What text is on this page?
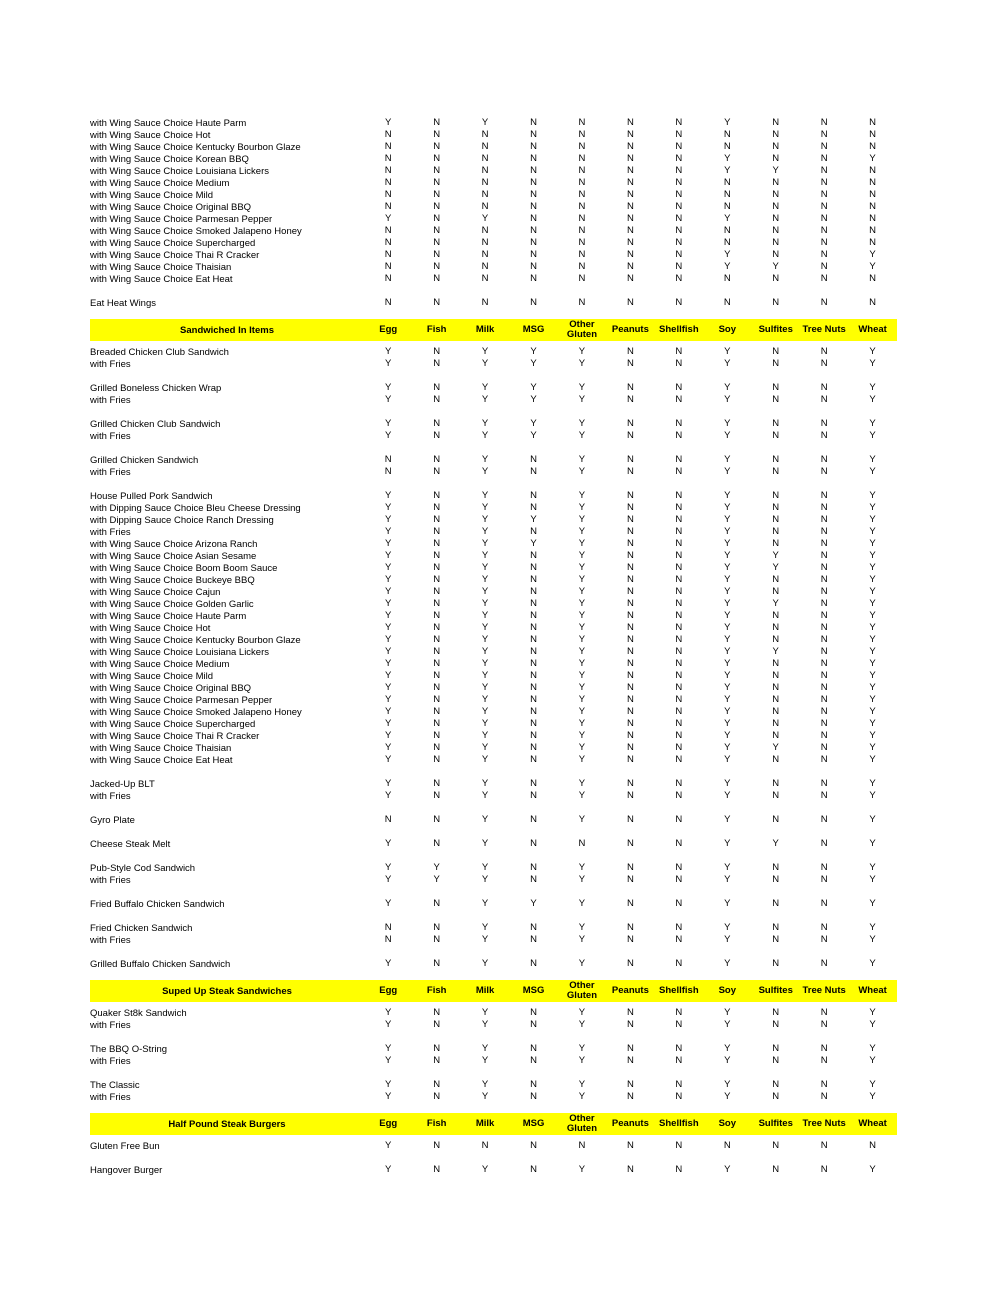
with Wing Sauce Choice Haute Parm	Y	N	Y	N	N	N	N	Y	N	N	N
with Wing Sauce Choice Hot	N	N	N	N	N	N	N	N	N	N	N
with Wing Sauce Choice Kentucky Bourbon Glaze	N	N	N	N	N	N	N	N	N	N	N
with Wing Sauce Choice Korean BBQ	N	N	N	N	N	N	N	Y	N	N	Y
with Wing Sauce Choice Louisiana Lickers	N	N	N	N	N	N	N	Y	Y	N	N
with Wing Sauce Choice Medium	N	N	N	N	N	N	N	N	N	N	N
with Wing Sauce Choice Mild	N	N	N	N	N	N	N	N	N	N	N
with Wing Sauce Choice Original BBQ	N	N	N	N	N	N	N	N	N	N	N
with Wing Sauce Choice Parmesan Pepper	Y	N	Y	N	N	N	N	Y	N	N	N
with Wing Sauce Choice Smoked Jalapeno Honey	N	N	N	N	N	N	N	N	N	N	N
with Wing Sauce Choice Supercharged	N	N	N	N	N	N	N	N	N	N	N
with Wing Sauce Choice Thai R Cracker	N	N	N	N	N	N	N	Y	N	N	Y
with Wing Sauce Choice Thaisian	N	N	N	N	N	N	N	Y	Y	N	Y
with Wing Sauce Choice Eat Heat	N	N	N	N	N	N	N	N	N	N	N
Eat Heat Wings	N	N	N	N	N	N	N	N	N	N	N
Sandwiched In Items	Egg	Fish	Milk	MSG	Other Gluten	Peanuts	Shellfish	Soy	Sulfites	Tree Nuts	Wheat
Breaded Chicken Club Sandwich	Y	N	Y	Y	Y	N	N	Y	N	N	Y
with Fries	Y	N	Y	Y	Y	N	N	Y	N	N	Y
Grilled Boneless Chicken Wrap	Y	N	Y	Y	Y	N	N	Y	N	N	Y
with Fries	Y	N	Y	Y	Y	N	N	Y	N	N	Y
Grilled Chicken Club Sandwich	Y	N	Y	Y	Y	N	N	Y	N	N	Y
with Fries	Y	N	Y	Y	Y	N	N	Y	N	N	Y
Grilled Chicken Sandwich	N	N	Y	N	Y	N	N	Y	N	N	Y
with Fries	N	N	Y	N	Y	N	N	Y	N	N	Y
House Pulled Pork Sandwich	Y	N	Y	N	Y	N	N	Y	N	N	Y
with Dipping Sauce Choice Bleu Cheese Dressing	Y	N	Y	N	Y	N	N	Y	N	N	Y
with Dipping Sauce Choice Ranch Dressing	Y	N	Y	Y	Y	N	N	Y	N	N	Y
with Fries	Y	N	Y	N	Y	N	N	Y	N	N	Y
with Wing Sauce Choice Arizona Ranch	Y	N	Y	Y	Y	N	N	Y	N	N	Y
with Wing Sauce Choice Asian Sesame	Y	N	Y	N	Y	N	N	Y	Y	N	Y
with Wing Sauce Choice Boom Boom Sauce	Y	N	Y	N	Y	N	N	Y	Y	N	Y
with Wing Sauce Choice Buckeye BBQ	Y	N	Y	N	Y	N	N	Y	N	N	Y
with Wing Sauce Choice Cajun	Y	N	Y	N	Y	N	N	Y	N	N	Y
with Wing Sauce Choice Golden Garlic	Y	N	Y	N	Y	N	N	Y	Y	N	Y
with Wing Sauce Choice Haute Parm	Y	N	Y	N	Y	N	N	Y	N	N	Y
with Wing Sauce Choice Hot	Y	N	Y	N	Y	N	N	Y	N	N	Y
with Wing Sauce Choice Kentucky Bourbon Glaze	Y	N	Y	N	Y	N	N	Y	N	N	Y
with Wing Sauce Choice Louisiana Lickers	Y	N	Y	N	Y	N	N	Y	Y	N	Y
with Wing Sauce Choice Medium	Y	N	Y	N	Y	N	N	Y	N	N	Y
with Wing Sauce Choice Mild	Y	N	Y	N	Y	N	N	Y	N	N	Y
with Wing Sauce Choice Original BBQ	Y	N	Y	N	Y	N	N	Y	N	N	Y
with Wing Sauce Choice Parmesan Pepper	Y	N	Y	N	Y	N	N	Y	N	N	Y
with Wing Sauce Choice Smoked Jalapeno Honey	Y	N	Y	N	Y	N	N	Y	N	N	Y
with Wing Sauce Choice Supercharged	Y	N	Y	N	Y	N	N	Y	N	N	Y
with Wing Sauce Choice Thai R Cracker	Y	N	Y	N	Y	N	N	Y	N	N	Y
with Wing Sauce Choice Thaisian	Y	N	Y	N	Y	N	N	Y	Y	N	Y
with Wing Sauce Choice Eat Heat	Y	N	Y	N	Y	N	N	Y	N	N	Y
Jacked-Up BLT	Y	N	Y	N	Y	N	N	Y	N	N	Y
with Fries	Y	N	Y	N	Y	N	N	Y	N	N	Y
Gyro Plate	N	N	Y	N	Y	N	N	Y	N	N	Y
Cheese Steak Melt	Y	N	Y	N	N	N	N	Y	Y	N	Y
Pub-Style Cod Sandwich	Y	Y	Y	N	Y	N	N	Y	N	N	Y
with Fries	Y	Y	Y	N	Y	N	N	Y	N	N	Y
Fried Buffalo Chicken Sandwich	Y	N	Y	Y	Y	N	N	Y	N	N	Y
Fried Chicken Sandwich	N	N	Y	N	Y	N	N	Y	N	N	Y
with Fries	N	N	Y	N	Y	N	N	Y	N	N	Y
Grilled Buffalo Chicken Sandwich	Y	N	Y	N	Y	N	N	Y	N	N	Y
Suped Up Steak Sandwiches	Egg	Fish	Milk	MSG	Other Gluten	Peanuts	Shellfish	Soy	Sulfites	Tree Nuts	Wheat
Quaker St8k Sandwich	Y	N	Y	N	Y	N	N	Y	N	N	Y
with Fries	Y	N	Y	N	Y	N	N	Y	N	N	Y
The BBQ O-String	Y	N	Y	N	Y	N	N	Y	N	N	Y
with Fries	Y	N	Y	N	Y	N	N	Y	N	N	Y
The Classic	Y	N	Y	N	Y	N	N	Y	N	N	Y
with Fries	Y	N	Y	N	Y	N	N	Y	N	N	Y
Half Pound Steak Burgers	Egg	Fish	Milk	MSG	Other Gluten	Peanuts	Shellfish	Soy	Sulfites	Tree Nuts	Wheat
Gluten Free Bun	Y	N	N	N	N	N	N	N	N	N	N
Hangover Burger	Y	N	Y	N	Y	N	N	Y	N	N	Y
